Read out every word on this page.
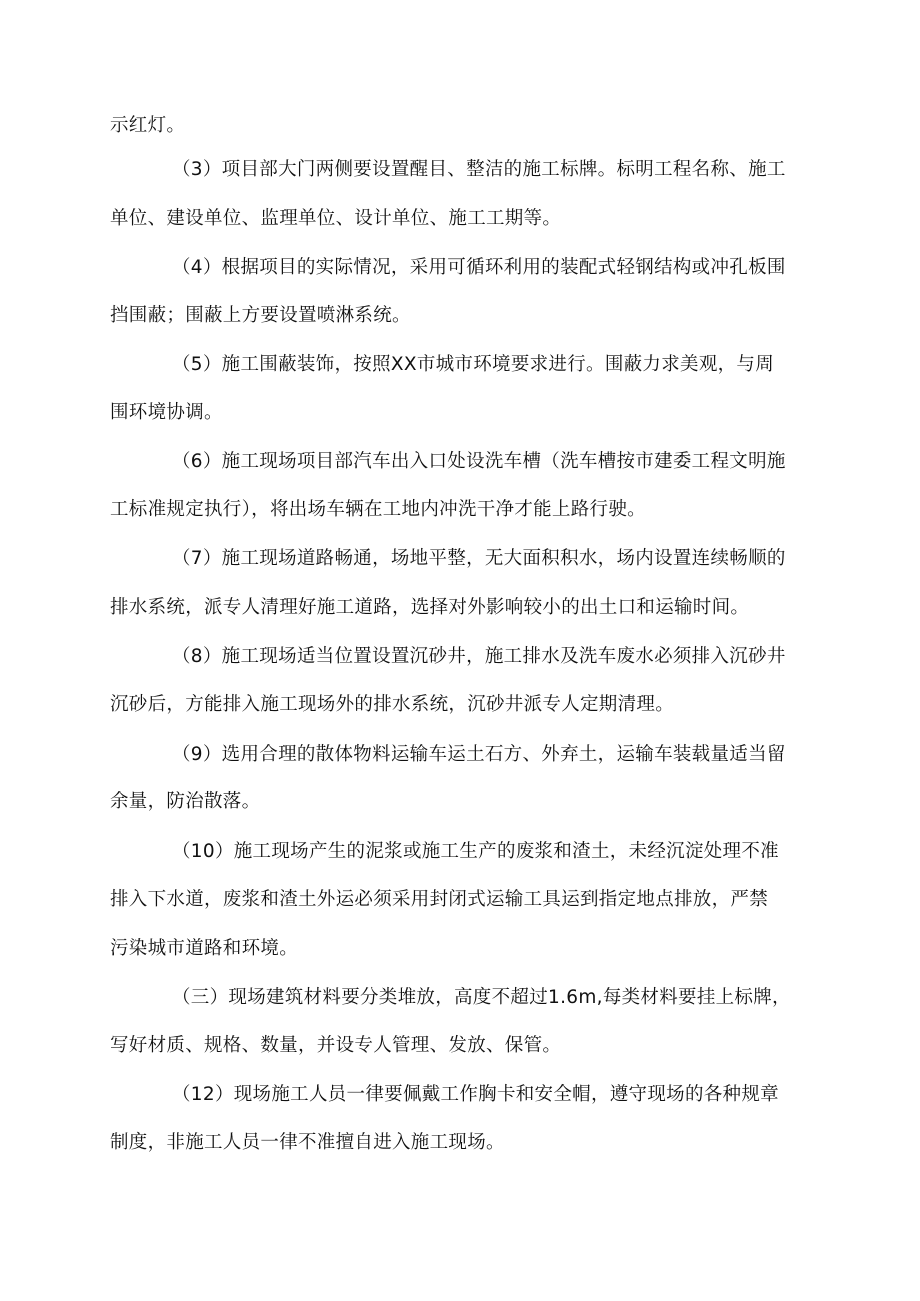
示红灯。
（3）项目部大门两侧要设置醒目、整洁的施工标牌。标明工程名称、施工
单位、建设单位、监理单位、设计单位、施工工期等。
（4）根据项目的实际情况，采用可循环利用的装配式轻钢结构或冲孔板围
挡围蔽；围蔽上方要设置喷淋系统。
（5）施工围蔽装饰，按照XX市城市环境要求进行。围蔽力求美观，与周
围环境协调。
（6）施工现场项目部汽车出入口处设洗车槽（洗车槽按市建委工程文明施
工标准规定执行），将出场车辆在工地内冲洗干净才能上路行驶。
（7）施工现场道路畅通，场地平整，无大面积积水，场内设置连续畅顺的
排水系统，派专人清理好施工道路，选择对外影响较小的出土口和运输时间。
（8）施工现场适当位置设置沉砂井，施工排水及洗车废水必须排入沉砂井
沉砂后，方能排入施工现场外的排水系统，沉砂井派专人定期清理。
（9）选用合理的散体物料运输车运土石方、外弃土，运输车装载量适当留
余量，防治散落。
（10）施工现场产生的泥浆或施工生产的废浆和渣土，未经沉淀处理不准
排入下水道，废浆和渣土外运必须采用封闭式运输工具运到指定地点排放，严禁
污染城市道路和环境。
（三）现场建筑材料要分类堆放，高度不超过1.6m,每类材料要挂上标牌，
写好材质、规格、数量，并设专人管理、发放、保管。
（12）现场施工人员一律要佩戴工作胸卡和安全帽，遵守现场的各种规章
制度，非施工人员一律不准擅自进入施工现场。
